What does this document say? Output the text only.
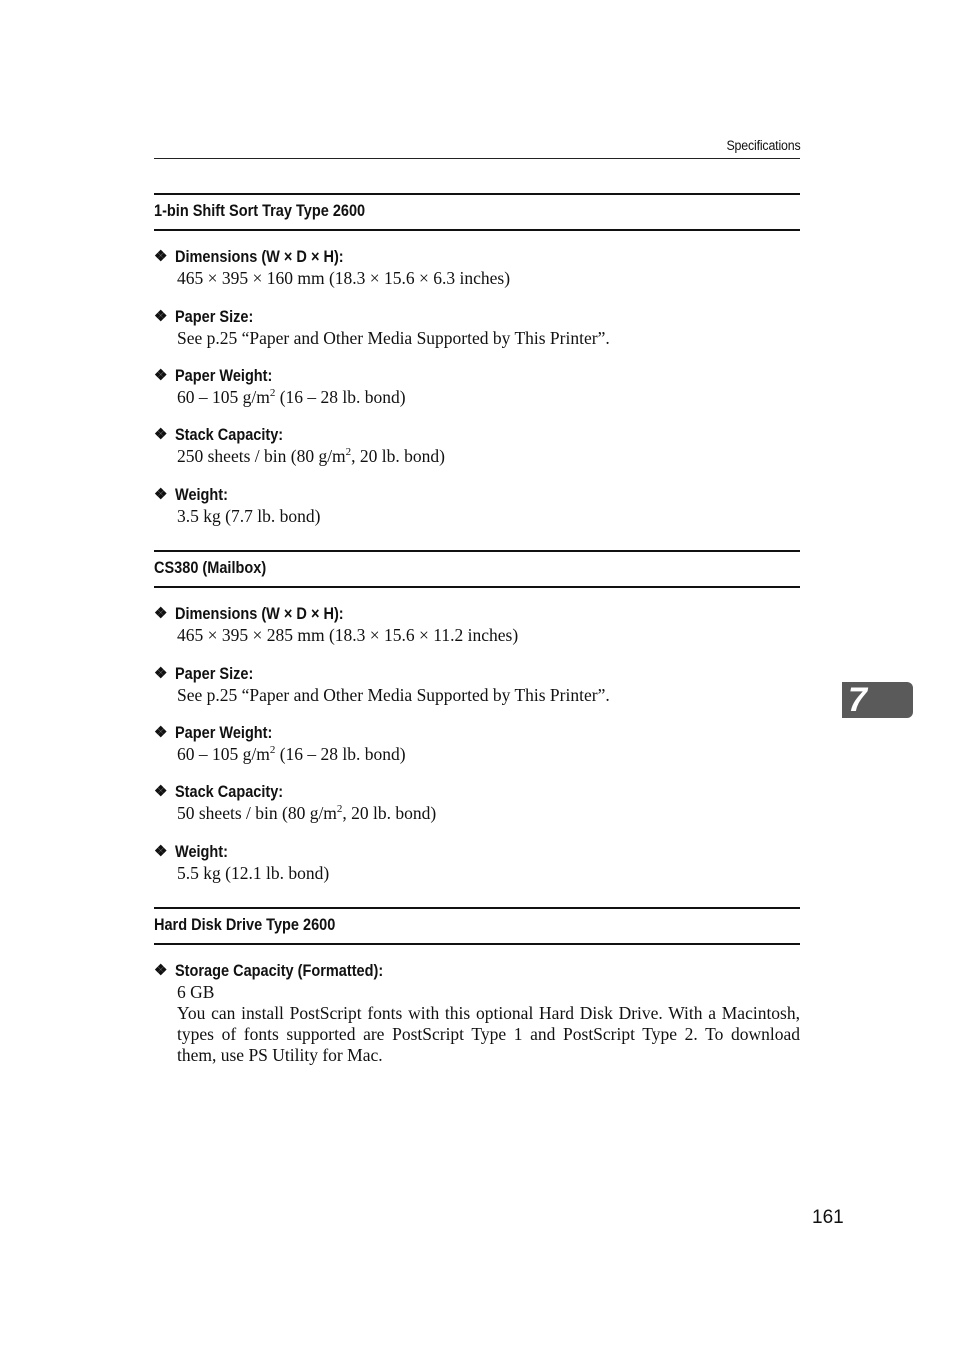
Specifications
1-bin Shift Sort Tray Type 2600
❖ Dimensions (W × D × H):
465 × 395 × 160 mm (18.3 × 15.6 × 6.3 inches)
❖ Paper Size:
See p.25 “Paper and Other Media Supported by This Printer”.
❖ Paper Weight:
60 – 105 $g/m^2$ (16 – 28 lb. bond)
❖ Stack Capacity:
250 sheets / bin (80 $g/m^2$, 20 lb. bond)
❖ Weight:
3.5 kg (7.7 lb. bond)
CS380 (Mailbox)
❖ Dimensions (W × D × H):
465 × 395 × 285 mm (18.3 × 15.6 × 11.2 inches)
❖ Paper Size:
See p.25 “Paper and Other Media Supported by This Printer”.
❖ Paper Weight:
60 – 105 $g/m^2$ (16 – 28 lb. bond)
❖ Stack Capacity:
50 sheets / bin (80 $g/m^2$, 20 lb. bond)
❖ Weight:
5.5 kg (12.1 lb. bond)
Hard Disk Drive Type 2600
❖ Storage Capacity (Formatted):
6 GB
You can install PostScript fonts with this optional Hard Disk Drive. With a Macintosh, types of fonts supported are PostScript Type 1 and PostScript Type 2. To download them, use PS Utility for Mac.
7
161
